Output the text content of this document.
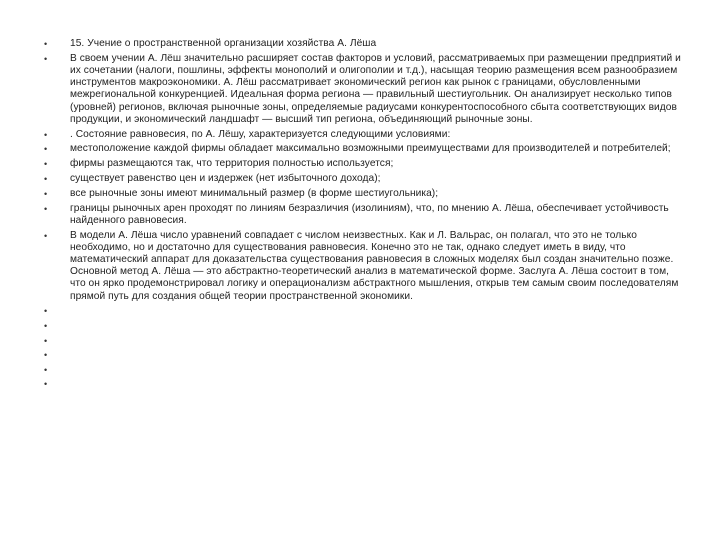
•	15. Учение о пространственной организации хозяйства А. Лёша
•	В своем учении А. Лёш значительно расширяет состав факторов и условий, рассматриваемых при размещении предприятий и их сочетании (налоги, пошлины, эффекты монополий и олигополии и т.д.), насыщая теорию размещения всем разнообразием инструментов макроэкономики. А. Лёш рассматривает экономический регион как рынок с границами, обусловленными межрегиональной конкуренцией. Идеальная форма региона — правильный шестиугольник. Он анализирует несколько типов (уровней) регионов, включая рыночные зоны, определяемые радиусами конкурентоспособного сбыта соответствующих видов продукции, и экономический ландшафт — высший тип региона, объединяющий рыночные зоны.
•	. Состояние равновесия, по А. Лёшу, характеризуется следующими условиями:
•	местоположение каждой фирмы обладает максимально возможными преимуществами для производителей и потребителей;
•	фирмы размещаются так, что территория полностью используется;
•	существует равенство цен и издержек (нет избыточного дохода);
•	все рыночные зоны имеют минимальный размер (в форме шестиугольника);
•	границы рыночных арен проходят по линиям безразличия (изолиниям), что, по мнению А. Лёша, обеспечивает устойчивость найденного равновесия.
•	В модели А. Лёша число уравнений совпадает с числом неизвестных. Как и Л. Вальрас, он полагал, что это не только необходимо, но и достаточно для существования равновесия. Конечно это не так, однако следует иметь в виду, что математический аппарат для доказательства существования равновесия в сложных моделях был создан значительно позже. Основной метод А. Лёша — это абстрактно-теоретический анализ в математической форме. Заслуга А. Лёша состоит в том, что он ярко продемонстрировал логику и операционализм абстрактного мышления, открыв тем самым своим последователям прямой путь для создания общей теории пространственной экономики.
•
•
•
•
•
•
